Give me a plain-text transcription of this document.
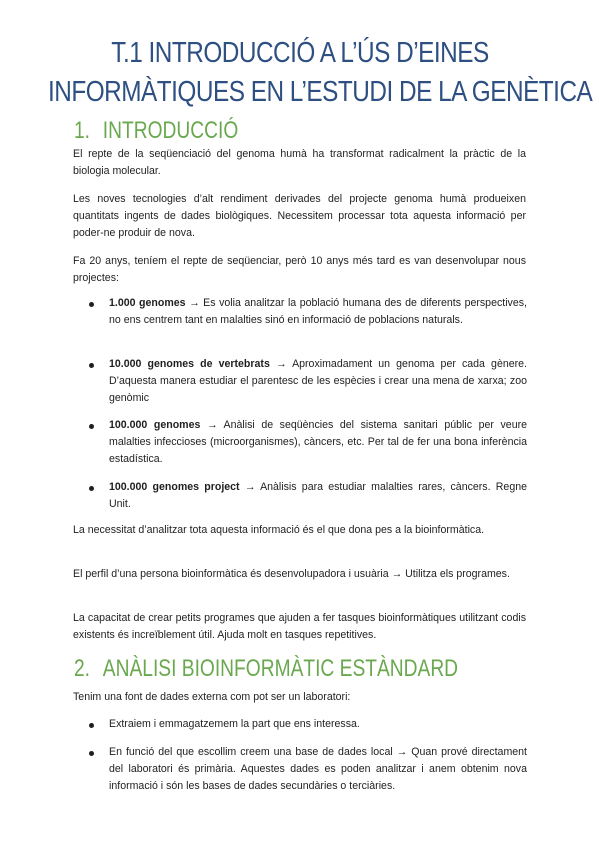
T.1 INTRODUCCIÓ A L’ÚS D’EINES
INFORMÀTIQUES EN L’ESTUDI DE LA GENÈTICA
1. INTRODUCCIÓ

El repte de la seqüenciació del genoma humà ha transformat radicalment la pràctic de la biologia molecular.

Les noves tecnologies d’alt rendiment derivades del projecte genoma humà produeixen quantitats ingents de dades biològiques. Necessitem processar tota aquesta informació per poder-ne produir de nova.

Fa 20 anys, teníem el repte de seqüenciar, però 10 anys més tard es van desenvolupar nous projectes:

1.000 genomes → Es volia analitzar la població humana des de diferents perspectives, no ens centrem tant en malalties sinó en informació de poblacions naturals.
10.000 genomes de vertebrats → Aproximadament un genoma per cada gènere. D’aquesta manera estudiar el parentesc de les espècies i crear una mena de xarxa; zoo genòmic
100.000 genomes → Anàlisi de seqüències del sistema sanitari públic per veure malalties infeccioses (microorganismes), càncers, etc. Per tal de fer una bona inferència estadística.
100.000 genomes project → Anàlisis para estudiar malalties rares, càncers. Regne Unit.

La necessitat d’analitzar tota aquesta informació és el que dona pes a la bioinformàtica.

El perfil d’una persona bioinformàtica és desenvolupadora i usuària → Utilitza els programes.

La capacitat de crear petits programes que ajuden a fer tasques bioinformàtiques utilitzant codis existents és increïblement útil. Ajuda molt en tasques repetitives.

2. ANÀLISI BIOINFORMÀTIC ESTÀNDARD

Tenim una font de dades externa com pot ser un laboratori:

Extraiem i emmagatzemem la part que ens interessa.
En funció del que escollim creem una base de dades local → Quan prové directament del laboratori és primària. Aquestes dades es poden analitzar i anem obtenim nova informació i són les bases de dades secundàries o terciàries.
